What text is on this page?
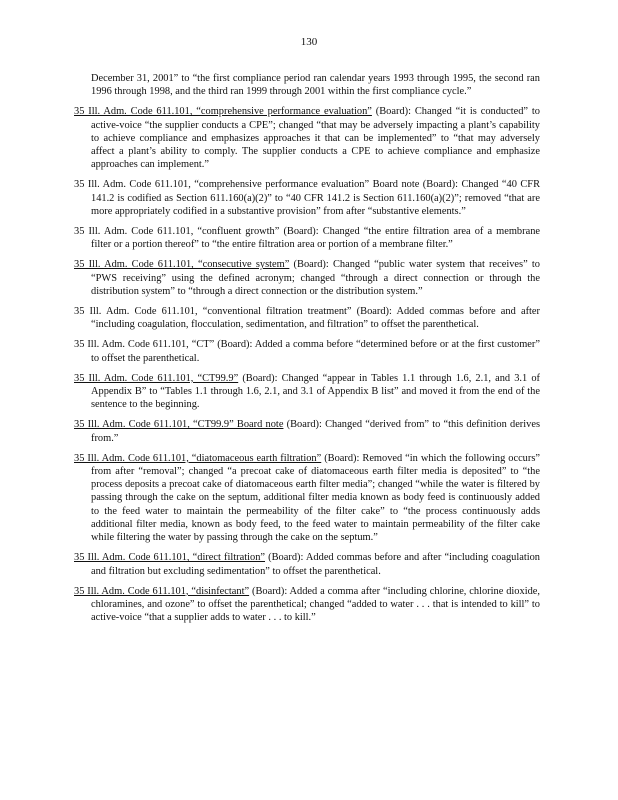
130

December 31, 2001” to “the first compliance period ran calendar years 1993 through 1995, the second ran 1996 through 1998, and the third ran 1999 through 2001 within the first compliance cycle.”

35 Ill. Adm. Code 611.101, “comprehensive performance evaluation” (Board): Changed “it is conducted” to active-voice “the supplier conducts a CPE”; changed “that may be adversely impacting a plant’s capability to achieve compliance and emphasizes approaches it that can be implemented” to “that may adversely affect a plant’s ability to comply. The supplier conducts a CPE to achieve compliance and emphasize approaches can implement.”

35 Ill. Adm. Code 611.101, “comprehensive performance evaluation” Board note (Board): Changed “40 CFR 141.2 is codified as Section 611.160(a)(2)” to “40 CFR 141.2 is Section 611.160(a)(2)”; removed “that are more appropriately codified in a substantive provision” from after “substantive elements.”

35 Ill. Adm. Code 611.101, “confluent growth” (Board): Changed “the entire filtration area of a membrane filter or a portion thereof” to “the entire filtration area or portion of a membrane filter.”

35 Ill. Adm. Code 611.101, “consecutive system” (Board): Changed “public water system that receives” to “PWS receiving” using the defined acronym; changed “through a direct connection or through the distribution system” to “through a direct connection or the distribution system.”

35 Ill. Adm. Code 611.101, “conventional filtration treatment” (Board): Added commas before and after “including coagulation, flocculation, sedimentation, and filtration” to offset the parenthetical.

35 Ill. Adm. Code 611.101, “CT” (Board): Added a comma before “determined before or at the first customer” to offset the parenthetical.

35 Ill. Adm. Code 611.101, “CT99.9” (Board): Changed “appear in Tables 1.1 through 1.6, 2.1, and 3.1 of Appendix B” to “Tables 1.1 through 1.6, 2.1, and 3.1 of Appendix B list” and moved it from the end of the sentence to the beginning.

35 Ill. Adm. Code 611.101, “CT99.9” Board note (Board): Changed “derived from” to “this definition derives from.”

35 Ill. Adm. Code 611.101, “diatomaceous earth filtration” (Board): Removed “in which the following occurs” from after “removal”; changed “a precoat cake of diatomaceous earth filter media is deposited” to “the process deposits a precoat cake of diatomaceous earth filter media”; changed “while the water is filtered by passing through the cake on the septum, additional filter media known as body feed is continuously added to the feed water to maintain the permeability of the filter cake” to “the process continuously adds additional filter media, known as body feed, to the feed water to maintain permeability of the filter cake while filtering the water by passing through the cake on the septum.”

35 Ill. Adm. Code 611.101, “direct filtration” (Board): Added commas before and after “including coagulation and filtration but excluding sedimentation” to offset the parenthetical.

35 Ill. Adm. Code 611.101, “disinfectant” (Board): Added a comma after “including chlorine, chlorine dioxide, chloramines, and ozone” to offset the parenthetical; changed “added to water . . . that is intended to kill” to active-voice “that a supplier adds to water . . . to kill.”
